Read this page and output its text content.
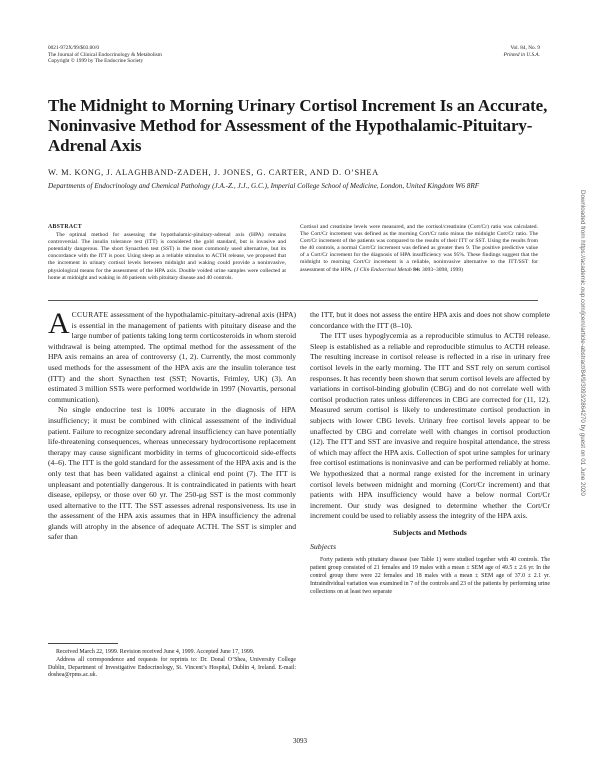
0021-972X/99/$03.00/0
The Journal of Clinical Endocrinology & Metabolism
Copyright © 1999 by The Endocrine Society
Vol. 84, No. 9
Printed in U.S.A.
The Midnight to Morning Urinary Cortisol Increment Is an Accurate, Noninvasive Method for Assessment of the Hypothalamic-Pituitary-Adrenal Axis
W. M. KONG, J. ALAGHBAND-ZADEH, J. JONES, G. CARTER, AND D. O’SHEA
Departments of Endocrinology and Chemical Pathology (J.A.-Z., J.J., G.C.), Imperial College School of Medicine, London, United Kingdom W6 8RF
ABSTRACT
The optimal method for assessing the hypothalamic-pituitary-adrenal axis (HPA) remains controversial. The insulin tolerance test (ITT) is considered the gold standard, but is invasive and potentially dangerous. The short Synacthen test (SST) is the most commonly used alternative, but its concordance with the ITT is poor. Using sleep as a reliable stimulus to ACTH release, we proposed that the increment in urinary cortisol levels between midnight and waking could provide a noninvasive, physiological means for the assessment of the HPA axis. Double voided urine samples were collected at home at midnight and waking in 40 patients with pituitary disease and 40 controls.
Cortisol and creatinine levels were measured, and the cortisol/creatinine (Cort/Cr) ratio was calculated. The Cort/Cr increment was defined as the morning Cort/Cr ratio minus the midnight Cort/Cr ratio. The Cort/Cr increment of the patients was compared to the results of their ITT or SST. Using the results from the 40 controls, a normal Cort/Cr increment was defined as greater then 9. The positive predictive value of a Cort/Cr increment for the diagnosis of HPA insufficiency was 95%. These findings suggest that the midnight to morning Cort/Cr increment is a reliable, noninvasive alternative to the ITT/SST for assessment of the HPA. (J Clin Endocrinol Metab 84: 3093–3098, 1999)

ACCURATE assessment of the hypothalamic-pituitary-adrenal axis (HPA) is essential in the management of patients with pituitary disease and the large number of patients taking long term corticosteroids in whom steroid withdrawal is being attempted. The optimal method for the assessment of the HPA axis remains an area of controversy (1, 2). Currently, the most commonly used methods for the assessment of the HPA axis are the insulin tolerance test (ITT) and the short Synacthen test (SST; Novartis, Frimley, UK) (3). An estimated 3 million SSTs were performed worldwide in 1997 (Novartis, personal communication).

No single endocrine test is 100% accurate in the diagnosis of HPA insufficiency; it must be combined with clinical assessment of the individual patient. Failure to recognize secondary adrenal insufficiency can have potentially life-threatening consequences, whereas unnecessary hydrocortisone replacement therapy may cause significant morbidity in terms of glucocorticoid side-effects (4–6). The ITT is the gold standard for the assessment of the HPA axis and is the only test that has been validated against a clinical end point (7). The ITT is unpleasant and potentially dangerous. It is contraindicated in patients with heart disease, epilepsy, or those over 60 yr. The 250-μg SST is the most commonly used alternative to the ITT. The SST assesses adrenal responsiveness. Its use in the assessment of the HPA axis assumes that in HPA insufficiency the adrenal glands will atrophy in the absence of adequate ACTH. The SST is simpler and safer than

the ITT, but it does not assess the entire HPA axis and does not show complete concordance with the ITT (8–10).

The ITT uses hypoglycemia as a reproducible stimulus to ACTH release. Sleep is established as a reliable and reproducible stimulus to ACTH release. The resulting increase in cortisol release is reflected in a rise in urinary free cortisol levels in the early morning. The ITT and SST rely on serum cortisol responses. It has recently been shown that serum cortisol levels are affected by variations in cortisol-binding globulin (CBG) and do not correlate well with cortisol production rates unless differences in CBG are corrected for (11, 12). Measured serum cortisol is likely to underestimate cortisol production in subjects with lower CBG levels. Urinary free cortisol levels appear to be unaffected by CBG and correlate well with changes in cortisol production (12). The ITT and SST are invasive and require hospital attendance, the stress of which may affect the HPA axis. Collection of spot urine samples for urinary free cortisol estimations is noninvasive and can be performed reliably at home. We hypothesized that a normal range existed for the increment in urinary cortisol levels between midnight and morning (Cort/Cr increment) and that patients with HPA insufficiency would have a below normal Cort/Cr increment. Our study was designed to determine whether the Cort/Cr increment could be used to reliably assess the integrity of the HPA axis.

Subjects and Methods
Subjects

Forty patients with pituitary disease (see Table 1) were studied together with 40 controls. The patient group consisted of 21 females and 19 males with a mean ± SEM age of 49.5 ± 2.6 yr. In the control group there were 22 females and 18 males with a mean ± SEM age of 37.0 ± 2.1 yr. Intraindividual variation was examined in 7 of the controls and 23 of the patients by performing urine collections on at least two separate

Received March 22, 1999. Revision received June 4, 1999. Accepted June 17, 1999.

Address all correspondence and requests for reprints to: Dr. Donal O’Shea, University College Dublin, Department of Investigative Endocrinology, St. Vincent’s Hospital, Dublin 4, Ireland. E-mail: doshea@rpms.ac.uk.

3093
Downloaded from https://academic.oup.com/jcem/article-abstract/84/9/3093/2864270 by guest on 01 June 2020
